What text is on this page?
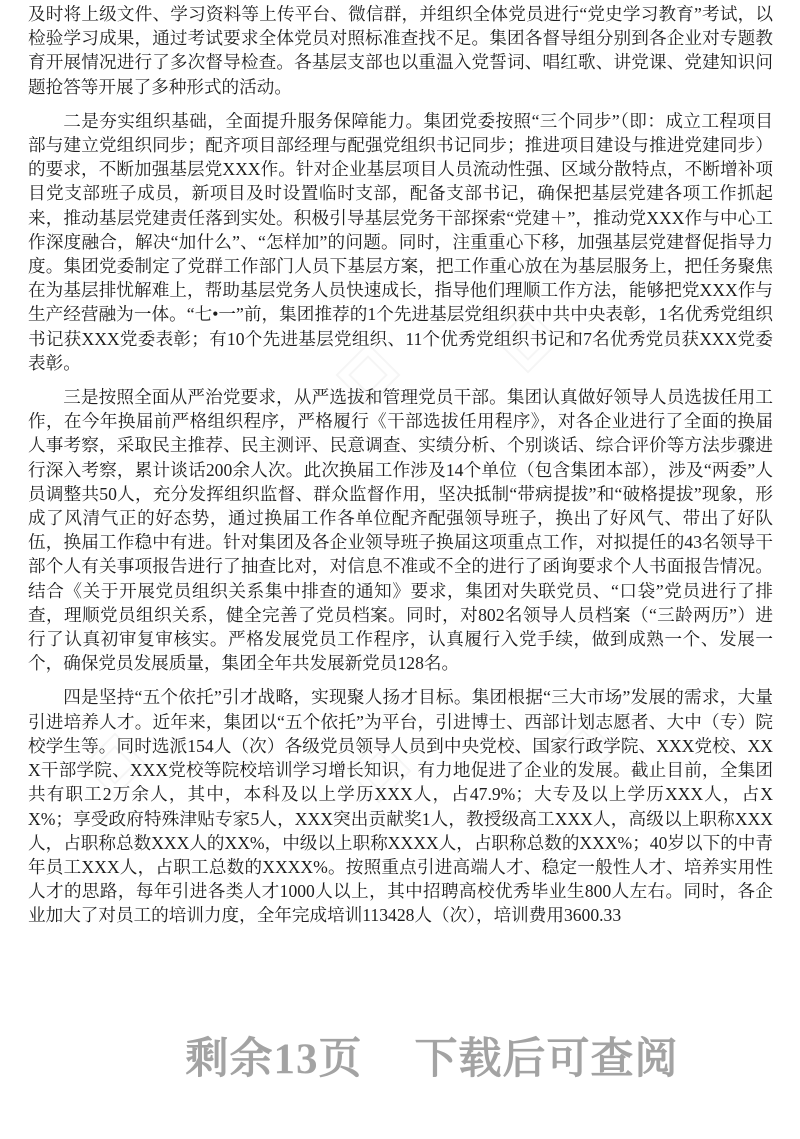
及时将上级文件、学习资料等上传平台、微信群，并组织全体党员进行“党史学习教育”考试，以检验学习成果，通过考试要求全体党员对照标准查找不足。集团各督导组分别到各企业对专题教育开展情况进行了多次督导检查。各基层支部也以重温入党誓词、唱红歌、讲党课、党建知识问题抢答等开展了多种形式的活动。

二是夯实组织基础，全面提升服务保障能力。集团党委按照“三个同步”（即：成立工程项目部与建立党组织同步；配齐项目部经理与配强党组织书记同步；推进项目建设与推进党建同步）的要求，不断加强基层党XXX作。针对企业基层项目人员流动性强、区域分散特点，不断增补项目党支部班子成员，新项目及时设置临时支部，配备支部书记，确保把基层党建各项工作抓起来，推动基层党建责任落到实处。积极引导基层党务干部探索“党建＋”，推动党XXX作与中心工作深度融合，解决“加什么”、“怎样加”的问题。同时，注重重心下移，加强基层党建督促指导力度。集团党委制定了党群工作部门人员下基层方案，把工作重心放在为基层服务上，把任务聚焦在为基层排忧解难上，帮助基层党务人员快速成长，指导他们理顺工作方法，能够把党XXX作与生产经营融为一体。“七•一”前，集团推荐的1个先进基层党组织获中共中央表彰，1名优秀党组织书记获XXX党委表彰；有10个先进基层党组织、11个优秀党组织书记和7名优秀党员获XXX党委表彰。

三是按照全面从严治党要求，从严选拔和管理党员干部。集团认真做好领导人员选拔任用工作，在今年换届前严格组织程序，严格履行《干部选拔任用程序》，对各企业进行了全面的换届人事考察，采取民主推荐、民主测评、民意调查、实绩分析、个别谈话、综合评价等方法步骤进行深入考察，累计谈话200余人次。此次换届工作涉及14个单位（包含集团本部），涉及“两委”人员调整共50人，充分发挥组织监督、群众监督作用，坚决抵制“带病提拔”和“破格提拔”现象，形成了风清气正的好态势，通过换届工作各单位配齐配强领导班子，换出了好风气、带出了好队伍，换届工作稳中有进。针对集团及各企业领导班子换届这项重点工作，对拟提任的43名领导干部个人有关事项报告进行了抽查比对，对信息不准或不全的进行了函询要求个人书面报告情况。结合《关于开展党员组织关系集中排查的通知》要求，集团对失联党员、“口袋”党员进行了排查，理顺党员组织关系，健全完善了党员档案。同时，对802名领导人员档案（“三龄两历”）进行了认真初审复审核实。严格发展党员工作程序，认真履行入党手续，做到成熟一个、发展一个，确保党员发展质量，集团全年共发展新党员128名。

四是坚持“五个依托”引才战略，实现聚人扬才目标。集团根据“三大市场”发展的需求，大量引进培养人才。近年来，集团以“五个依托”为平台，引进博士、西部计划志愿者、大中（专）院校学生等。同时选派154人（次）各级党员领导人员到中央党校、国家行政学院、XXX党校、XXX干部学院、XXX党校等院校培训学习增长知识，有力地促进了企业的发展。截止目前，全集团共有职工2万余人，其中，本科及以上学历XXX人，占47.9%；大专及以上学历XXX人，占XX%；享受政府特殊津贴专家5人，XXX突出贡献奖1人，教授级高工XXX人，高级以上职称XXX人，占职称总数XXX人的XX%，中级以上职称XXXX人，占职称总数的XXX%；40岁以下的中青年员工XXX人，占职工总数的XXXX%。按照重点引进高端人才、稳定一般性人才、培养实用性人才的思路，每年引进各类人才1000人以上，其中招聘高校优秀毕业生800人左右。同时，各企业加大了对员工的培训力度，全年完成培训113428人（次），培训费用3600.33

剩余13页 下载后可查阅
